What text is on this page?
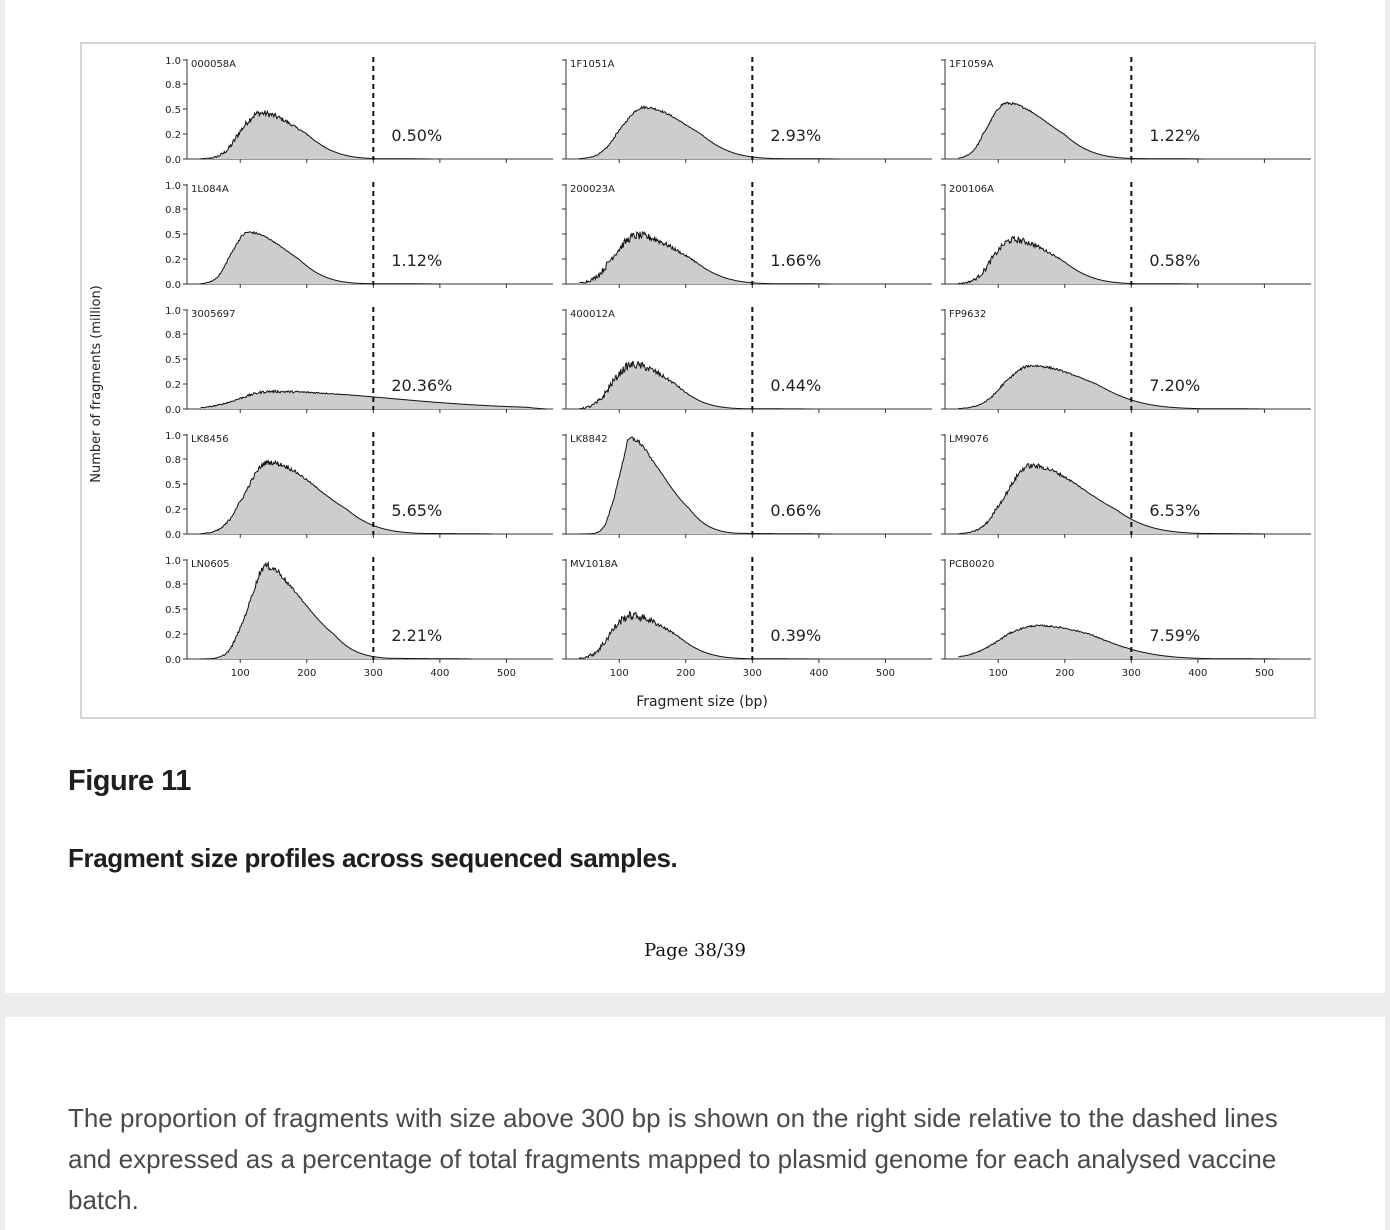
0.0
0.2
0.5
0.8
1.0 000058A
0.50%
1F1051A
2.93%
1F1059A
1.22%
0.0
0.2
0.5
0.8
1.0 1L084A
1.12%
200023A
1.66%
200106A
0.58%
0.0
0.2
0.5
0.8
1.0 3005697
20.36%
400012A
0.44%
FP9632
7.20%
0.0
0.2
0.5
0.8
1.0 LK8456
5.65%
LK8842
0.66%
LM9076
6.53%
0.0
0.2
0.5
0.8
1.0
100	200	300	400	500
LN0605
2.21%
100	200	300	400	500
MV1018A
0.39%
100	200	300	400	500
PCB0020
7.59%
Fragment size (bp)
Number of fragments (million)
Figure 11
Fragment size profiles across sequenced samples.
Page 38/39
The proportion of fragments with size above 300 bp is shown on the right side relative to the dashed lines and expressed as a percentage of total fragments mapped to plasmid genome for each analysed vaccine batch.
